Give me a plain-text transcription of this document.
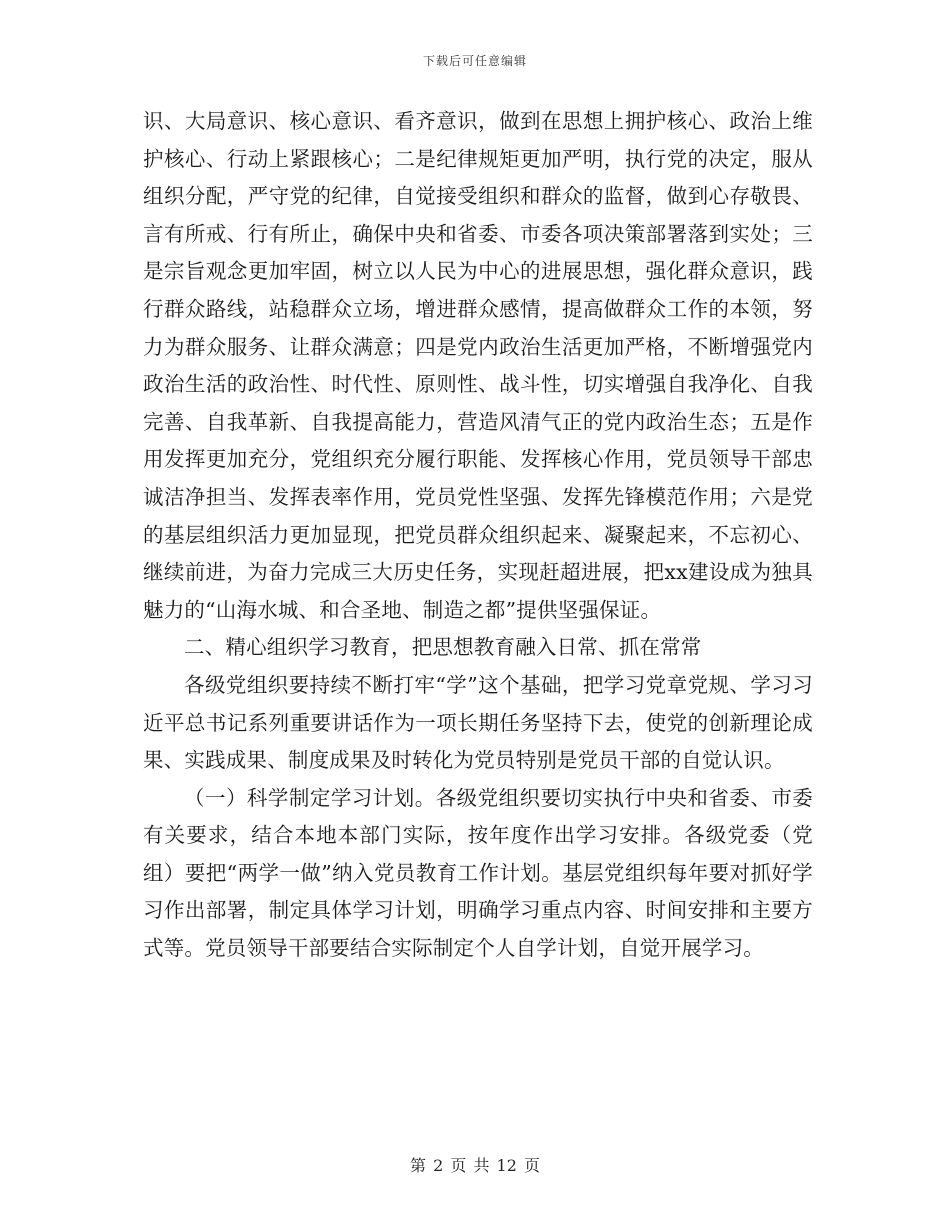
下载后可任意编辑

识、大局意识、核心意识、看齐意识，做到在思想上拥护核心、政治上维护核心、行动上紧跟核心；二是纪律规矩更加严明，执行党的决定，服从组织分配，严守党的纪律，自觉接受组织和群众的监督，做到心存敬畏、言有所戒、行有所止，确保中央和省委、市委各项决策部署落到实处；三是宗旨观念更加牢固，树立以人民为中心的进展思想，强化群众意识，践行群众路线，站稳群众立场，增进群众感情，提高做群众工作的本领，努力为群众服务、让群众满意；四是党内政治生活更加严格，不断增强党内政治生活的政治性、时代性、原则性、战斗性，切实增强自我净化、自我完善、自我革新、自我提高能力，营造风清气正的党内政治生态；五是作用发挥更加充分，党组织充分履行职能、发挥核心作用，党员领导干部忠诚洁净担当、发挥表率作用，党员党性坚强、发挥先锋模范作用；六是党的基层组织活力更加显现，把党员群众组织起来、凝聚起来，不忘初心、继续前进，为奋力完成三大历史任务，实现赶超进展，把xx建设成为独具魅力的“山海水城、和合圣地、制造之都”提供坚强保证。

二、精心组织学习教育，把思想教育融入日常、抓在常常

各级党组织要持续不断打牢“学”这个基础，把学习党章党规、学习习近平总书记系列重要讲话作为一项长期任务坚持下去，使党的创新理论成果、实践成果、制度成果及时转化为党员特别是党员干部的自觉认识。

（一）科学制定学习计划。各级党组织要切实执行中央和省委、市委有关要求，结合本地本部门实际，按年度作出学习安排。各级党委（党组）要把“两学一做”纳入党员教育工作计划。基层党组织每年要对抓好学习作出部署，制定具体学习计划，明确学习重点内容、时间安排和主要方式等。党员领导干部要结合实际制定个人自学计划，自觉开展学习。

第 2 页 共 12 页
